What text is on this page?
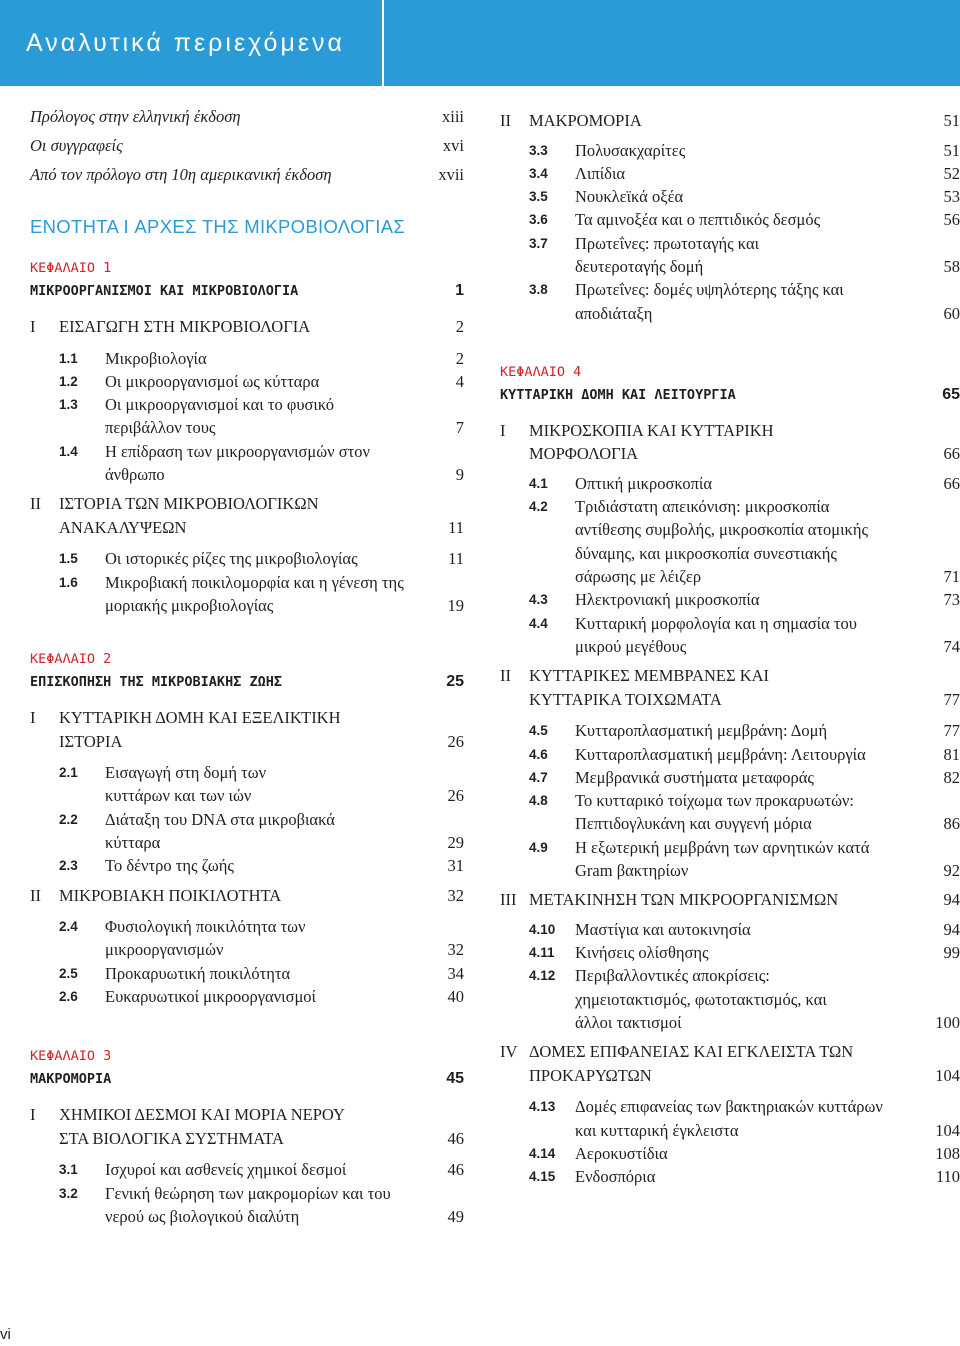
Αναλυτικά περιεχόμενα
Πρόλογος στην ελληνική έκδοση	xiii
Οι συγγραφείς	xvi
Από τον πρόλογο στη 10η αμερικανική έκδοση	xvii
ΕΝΟΤΗΤΑ I ΑΡΧΕΣ ΤΗΣ ΜΙΚΡΟΒΙΟΛΟΓΙΑΣ
ΚΕΦΑΛΑΙΟ 1
ΜΙΚΡΟΟΡΓΑΝΙΣΜΟΙ ΚΑΙ ΜΙΚΡΟΒΙΟΛΟΓΙΑ	1
I	ΕΙΣΑΓΩΓΗ ΣΤΗ ΜΙΚΡΟΒΙΟΛΟΓΙΑ	2
1.1	Μικροβιολογία	2
1.2	Οι μικροοργανισμοί ως κύτταρα	4
1.3	Οι μικροοργανισμοί και το φυσικό περιβάλλον τους	7
1.4	Η επίδραση των μικροοργανισμών στον άνθρωπο	9
II	ΙΣΤΟΡΙΑ ΤΩΝ ΜΙΚΡΟΒΙΟΛΟΓΙΚΩΝ ΑΝΑΚΑΛΥΨΕΩΝ	11
1.5	Οι ιστορικές ρίζες της μικροβιολογίας	11
1.6	Μικροβιακή ποικιλομορφία και η γένεση της μοριακής μικροβιολογίας	19
ΚΕΦΑΛΑΙΟ 2
ΕΠΙΣΚΟΠΗΣΗ ΤΗΣ ΜΙΚΡΟΒΙΑΚΗΣ ΖΩΗΣ	25
I	ΚΥΤΤΑΡΙΚΗ ΔΟΜΗ ΚΑΙ ΕΞΕΛΙΚΤΙΚΗ ΙΣΤΟΡΙΑ	26
2.1	Εισαγωγή στη δομή των κυττάρων και των ιών	26
2.2	Διάταξη του DNA στα μικροβιακά κύτταρα	29
2.3	Το δέντρο της ζωής	31
II	ΜΙΚΡΟΒΙΑΚΗ ΠΟΙΚΙΛΟΤΗΤΑ	32
2.4	Φυσιολογική ποικιλότητα των μικροοργανισμών	32
2.5	Προκαρυωτική ποικιλότητα	34
2.6	Ευκαρυωτικοί μικροοργανισμοί	40
ΚΕΦΑΛΑΙΟ 3
ΜΑΚΡΟΜΟΡΙΑ	45
I	ΧΗΜΙΚΟΙ ΔΕΣΜΟΙ ΚΑΙ ΜΟΡΙΑ ΝΕΡΟΥ ΣΤΑ ΒΙΟΛΟΓΙΚΑ ΣΥΣΤΗΜΑΤΑ	46
3.1	Ισχυροί και ασθενείς χημικοί δεσμοί	46
3.2	Γενική θεώρηση των μακρομορίων και του νερού ως βιολογικού διαλύτη	49
II	ΜΑΚΡΟΜΟΡΙΑ	51
3.3	Πολυσακχαρίτες	51
3.4	Λιπίδια	52
3.5	Νουκλεϊκά οξέα	53
3.6	Τα αμινοξέα και ο πεπτιδικός δεσμός	56
3.7	Πρωτεΐνες: πρωτοταγής και δευτεροταγής δομή	58
3.8	Πρωτεΐνες: δομές υψηλότερης τάξης και αποδιάταξη	60
ΚΕΦΑΛΑΙΟ 4
ΚΥΤΤΑΡΙΚΗ ΔΟΜΗ ΚΑΙ ΛΕΙΤΟΥΡΓΙΑ	65
I	ΜΙΚΡΟΣΚΟΠΙΑ ΚΑΙ ΚΥΤΤΑΡΙΚΗ ΜΟΡΦΟΛΟΓΙΑ	66
4.1	Οπτική μικροσκοπία	66
4.2	Τριδιάστατη απεικόνιση: μικροσκοπία αντίθεσης συμβολής, μικροσκοπία ατομικής δύναμης, και μικροσκοπία συνεστιακής σάρωσης με λέιζερ	71
4.3	Ηλεκτρονιακή μικροσκοπία	73
4.4	Κυτταρική μορφολογία και η σημασία του μικρού μεγέθους	74
II	ΚΥΤΤΑΡΙΚΕΣ ΜΕΜΒΡΑΝΕΣ ΚΑΙ ΚΥΤΤΑΡΙΚΑ ΤΟΙΧΩΜΑΤΑ	77
4.5	Κυτταροπλασματική μεμβράνη: Δομή	77
4.6	Κυτταροπλασματική μεμβράνη: Λειτουργία	81
4.7	Μεμβρανικά συστήματα μεταφοράς	82
4.8	Το κυτταρικό τοίχωμα των προκαρυωτών: Πεπτιδογλυκάνη και συγγενή μόρια	86
4.9	Η εξωτερική μεμβράνη των αρνητικών κατά Gram βακτηρίων	92
III ΜΕΤΑΚΙΝΗΣΗ ΤΩΝ ΜΙΚΡΟΟΡΓΑΝΙΣΜΩΝ	94
4.10	Μαστίγια και αυτοκινησία	94
4.11	Κινήσεις ολίσθησης	99
4.12	Περιβαλλοντικές αποκρίσεις: χημειοτακτισμός, φωτοτακτισμός, και άλλοι τακτισμοί	100
IV ΔΟΜΕΣ ΕΠΙΦΑΝΕΙΑΣ ΚΑΙ ΕΓΚΛΕΙΣΤΑ ΤΩΝ ΠΡΟΚΑΡΥΩΤΩΝ	104
4.13	Δομές επιφανείας των βακτηριακών κυττάρων και κυτταρική έγκλειστα	104
4.14	Αεροκυστίδια	108
4.15	Ενδοσπόρια	110
vi
